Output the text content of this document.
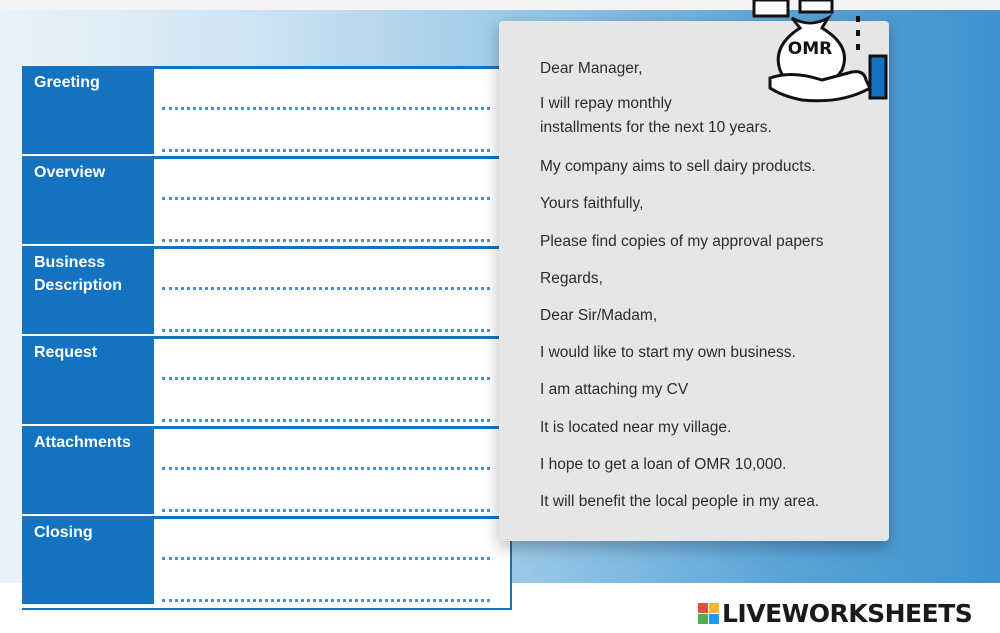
Greeting
Overview
Business Description
Request
Attachments
Closing
Dear Manager,
I will repay monthly
installments for the next 10 years.
My company aims to sell dairy products.
Yours faithfully,
Please find copies of my approval papers
Regards,
Dear Sir/Madam,
I would like to start my own business.
I am attaching my CV
It is located near my village.
I hope to get a loan of OMR 10,000.
It will benefit the local people in my area.
OMR
LIVEWORKSHEETS
